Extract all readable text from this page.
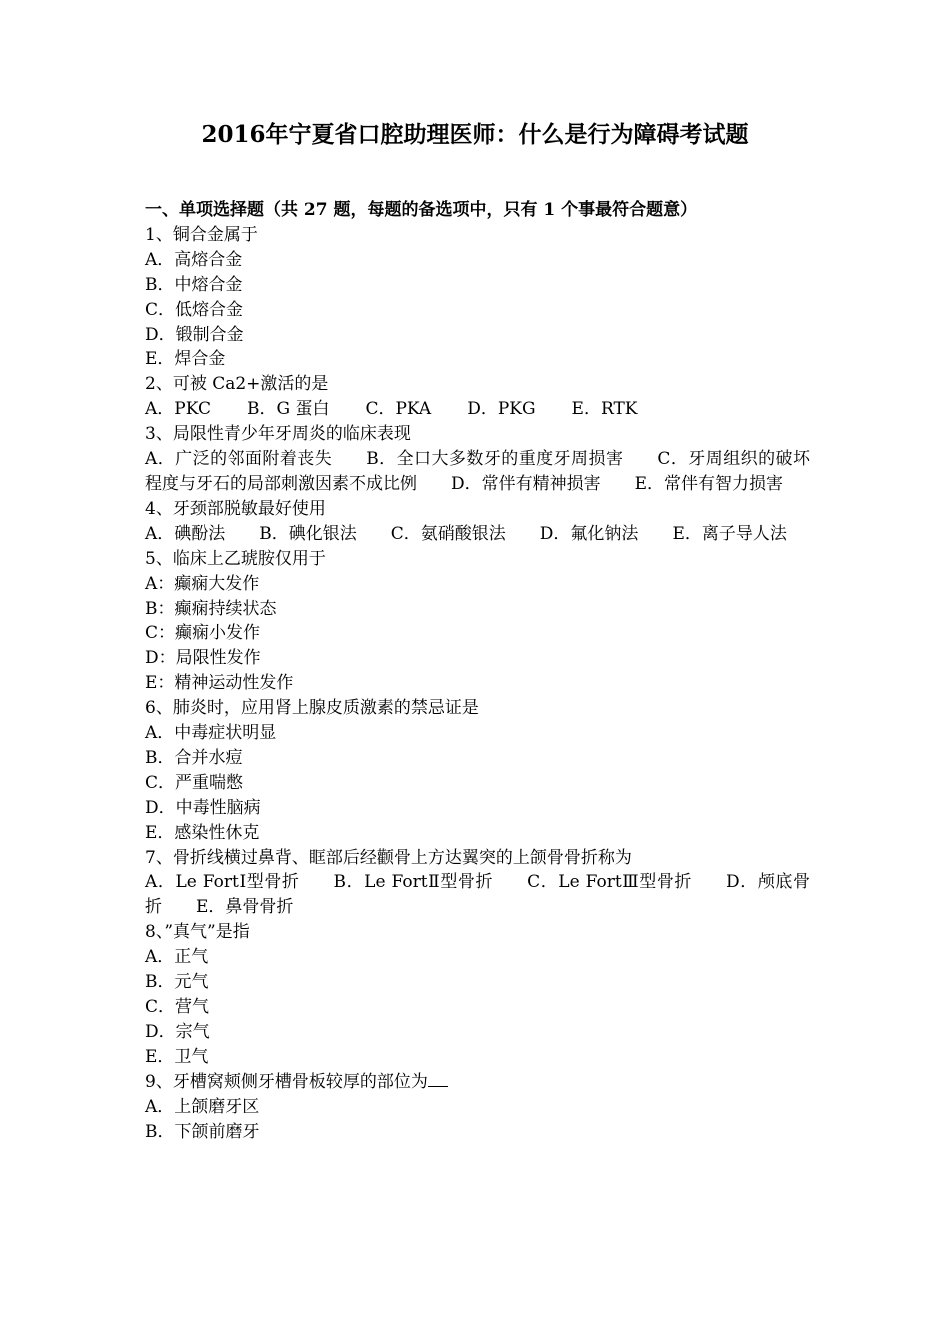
2016年宁夏省口腔助理医师：什么是行为障碍考试题
一、单项选择题（共 27 题，每题的备选项中，只有 1 个事最符合题意）
1、铜合金属于
A．高熔合金
B．中熔合金
C．低熔合金
D．锻制合金
E．焊合金
2、可被 Ca2+激活的是
A．PKC B．G 蛋白 C．PKA D．PKG E．RTK
3、局限性青少年牙周炎的临床表现
A．广泛的邻面附着丧失   B．全口大多数牙的重度牙周损害   C．牙周组织的破坏程度与牙石的局部刺激因素不成比例   D．常伴有精神损害   E．常伴有智力损害
4、牙颈部脱敏最好使用
A．碘酚法   B．碘化银法   C．氨硝酸银法   D．氟化钠法   E．离子导人法
5、临床上乙琥胺仅用于
A：癫痫大发作
B：癫痫持续状态
C：癫痫小发作
D：局限性发作
E：精神运动性发作
6、肺炎时，应用肾上腺皮质激素的禁忌证是
A．中毒症状明显
B．合并水痘
C．严重喘憋
D．中毒性脑病
E．感染性休克
7、骨折线横过鼻背、眶部后经颧骨上方达翼突的上颌骨骨折称为
A．Le FortⅠ型骨折   B．Le FortⅡ型骨折   C．Le FortⅢ型骨折   D．颅底骨折   E．鼻骨骨折
8、”真气”是指
A．正气
B．元气
C．营气
D．宗气
E．卫气
9、牙槽窝颊侧牙槽骨板较厚的部位为
A．上颌磨牙区
B．下颌前磨牙
